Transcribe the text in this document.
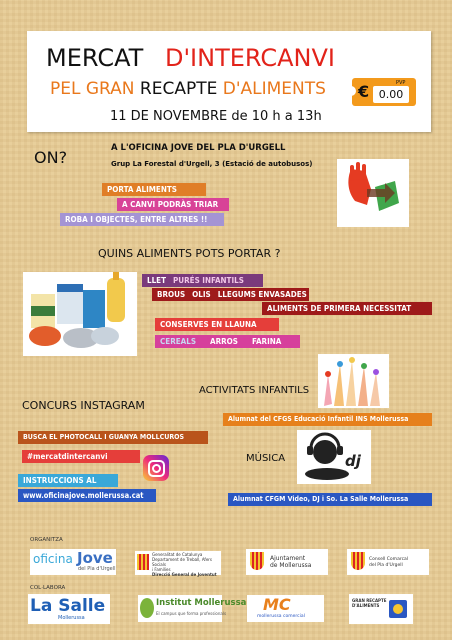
MERCAT D'INTERCANVI
PEL GRAN RECAPTE D'ALIMENTS
11 DE NOVEMBRE de 10 h a 13h
€	PVP
0.00
ON?	A L'OFICINA JOVE DEL PLA D'URGELL
Grup La Forestal d'Urgell, 3 (Estació de autobusos)
PORTA ALIMENTS
A CANVI PODRÀS TRIAR
ROBA I OBJECTES, ENTRE ALTRES !!
QUINS ALIMENTS POTS PORTAR ?
LLET PURÉS INFANTILS
BROUS OLIS LLEGUMS ENVASADES
ALIMENTS DE PRIMERA NECESSITAT
CONSERVES EN LLAUNA
CEREALS ARROS FARINA
ACTIVITATS INFANTILS
Alumnat del CFGS Educació Infantil INS Mollerussa
CONCURS INSTAGRAM
BUSCA EL PHOTOCALL I GUANYA MOLLCUROS
#mercatdintercanvi
INSTRUCCIONS AL
www.oficinajove.mollerussa.cat
MÚSICA	dj
Alumnat CFGM Video, DJ i So. La Salle Mollerussa
ORGANITZA
oficina Jove
del Pla d'Urgell
Generalitat de Catalunya
Departament de Treball, Afers Socials
i Famílies
Direcció General de Joventut
Ajuntament
de Mollerussa
Consell Comarcal
del Pla d'Urgell
COL·LABORA
La Salle
Mollerussa
Institut Mollerussa
El campus que forma professionals MC
mollerussa comercial
GRAN RECAPTE
D'ALIMENTS
